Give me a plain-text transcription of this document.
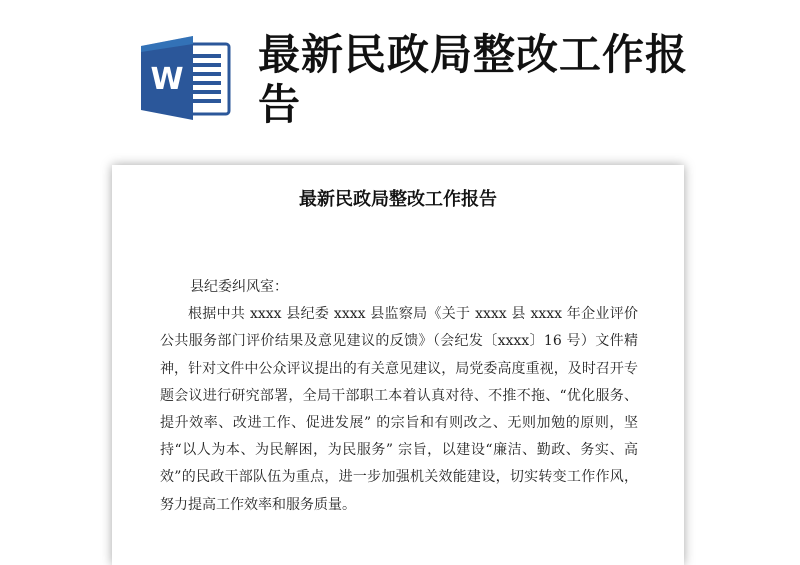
W
最新民政局整改工作报告
最新民政局整改工作报告

县纪委纠风室：

根据中共 xxxx 县纪委 xxxx 县监察局《关于 xxxx 县 xxxx 年企业评价公共服务部门评价结果及意见建议的反馈》（会纪发〔xxxx〕16 号）文件精神，针对文件中公众评议提出的有关意见建议，局党委高度重视，及时召开专题会议进行研究部署，全局干部职工本着认真对待、不推不拖、“优化服务、提升效率、改进工作、促进发展” 的宗旨和有则改之、无则加勉的原则，坚持“以人为本、为民解困，为民服务” 宗旨，以建设“廉洁、勤政、务实、高效”的民政干部队伍为重点，进一步加强机关效能建设，切实转变工作作风，努力提高工作效率和服务质量。
